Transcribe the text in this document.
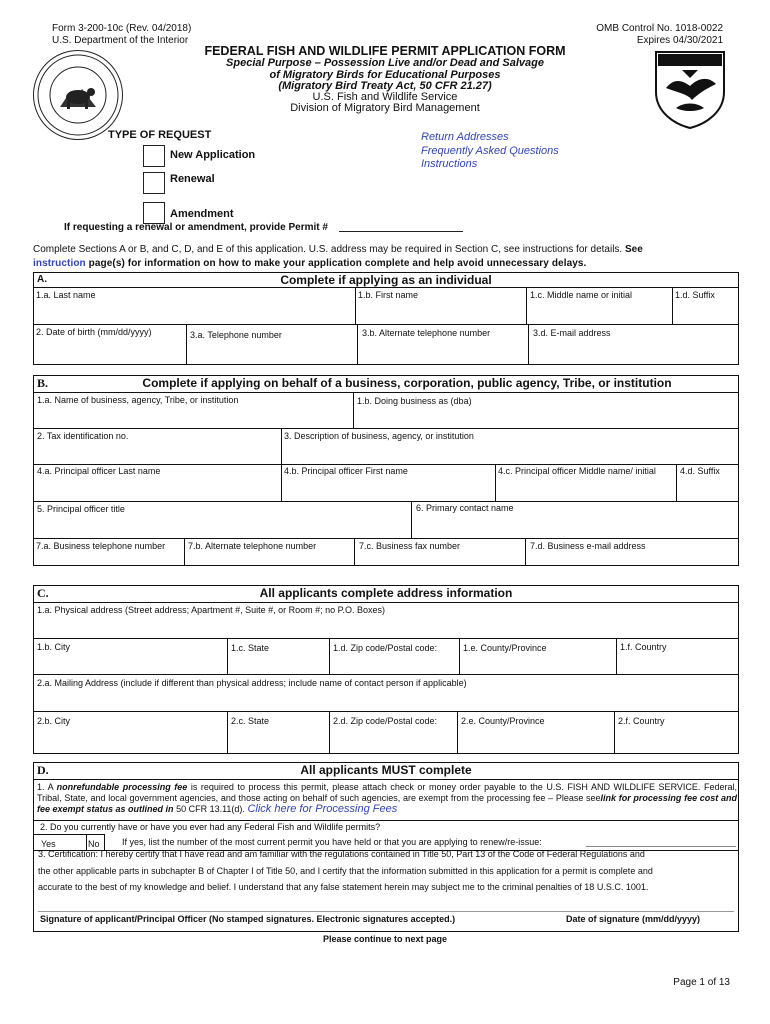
Form 3-200-10c (Rev. 04/2018)
U.S. Department of the Interior
OMB Control No. 1018-0022
Expires 04/30/2021
FEDERAL FISH AND WILDLIFE PERMIT APPLICATION FORM
Special Purpose – Possession Live and/or Dead and Salvage
of Migratory Birds for Educational Purposes
(Migratory Bird Treaty Act, 50 CFR 21.27)
U.S. Fish and Wildlife Service
Division of Migratory Bird Management
TYPE OF REQUEST
New Application
Renewal
Amendment
If requesting a renewal or amendment, provide Permit #
Return Addresses
Frequently Asked Questions
Instructions
Complete Sections A or B, and C, D, and E of this application. U.S. address may be required in Section C, see instructions for details. See
instruction page(s) for information on how to make your application complete and help avoid unnecessary delays.
A.	Complete if applying as an individual
1.a. Last name	1.b. First name	1.c. Middle name or initial	1.d. Suffix
2. Date of birth (mm/dd/yyyy)	3.a. Telephone number	3.b. Alternate telephone number	3.d. E-mail address
B.	Complete if applying on behalf of a business, corporation, public agency, Tribe, or institution
1.a. Name of business, agency, Tribe, or institution	1.b. Doing business as (dba)
2. Tax identification no.	3. Description of business, agency, or institution
4.a. Principal officer Last name	4.b. Principal officer First name	4.c. Principal officer Middle name/ initial	4.d. Suffix
5. Principal officer title	6. Primary contact name
7.a. Business telephone number	7.b. Alternate telephone number	7.c. Business fax number	7.d. Business e-mail address
C.	All applicants complete address information
1.a. Physical address (Street address; Apartment #, Suite #, or Room #; no P.O. Boxes)
1.b. City	1.c. State	1.d. Zip code/Postal code:	1.e. County/Province	1.f. Country
2.a. Mailing Address (include if different than physical address; include name of contact person if applicable)
2.b. City	2.c. State	2.d. Zip code/Postal code:	2.e. County/Province	2.f. Country
D.	All applicants MUST complete
1. A nonrefundable processing fee is required to process this permit, please attach check or money order payable to the U.S. FISH AND WILDLIFE SERVICE. Federal, Tribal, State, and local government agencies, and those acting on behalf of such agencies, are exempt from the processing fee – Please seelink for processing fee cost and fee exempt status as outlined in 50 CFR 13.11(d). Click here for Processing Fees
2. Do you currently have or have you ever had any Federal Fish and Wildlife permits?
Yes	No If yes, list the number of the most current permit you have held or that you are applying to renew/re-issue:
3. Certification: I hereby certify that I have read and am familiar with the regulations contained in Title 50, Part 13 of the Code of Federal Regulations and
the other applicable parts in subchapter B of Chapter I of Title 50, and I certify that the information submitted in this application for a permit is complete and
accurate to the best of my knowledge and belief. I understand that any false statement herein may subject me to the criminal penalties of 18 U.S.C. 1001.
Signature of applicant/Principal Officer (No stamped signatures. Electronic signatures accepted.)	Date of signature (mm/dd/yyyy)
Please continue to next page
Page 1 of 13
